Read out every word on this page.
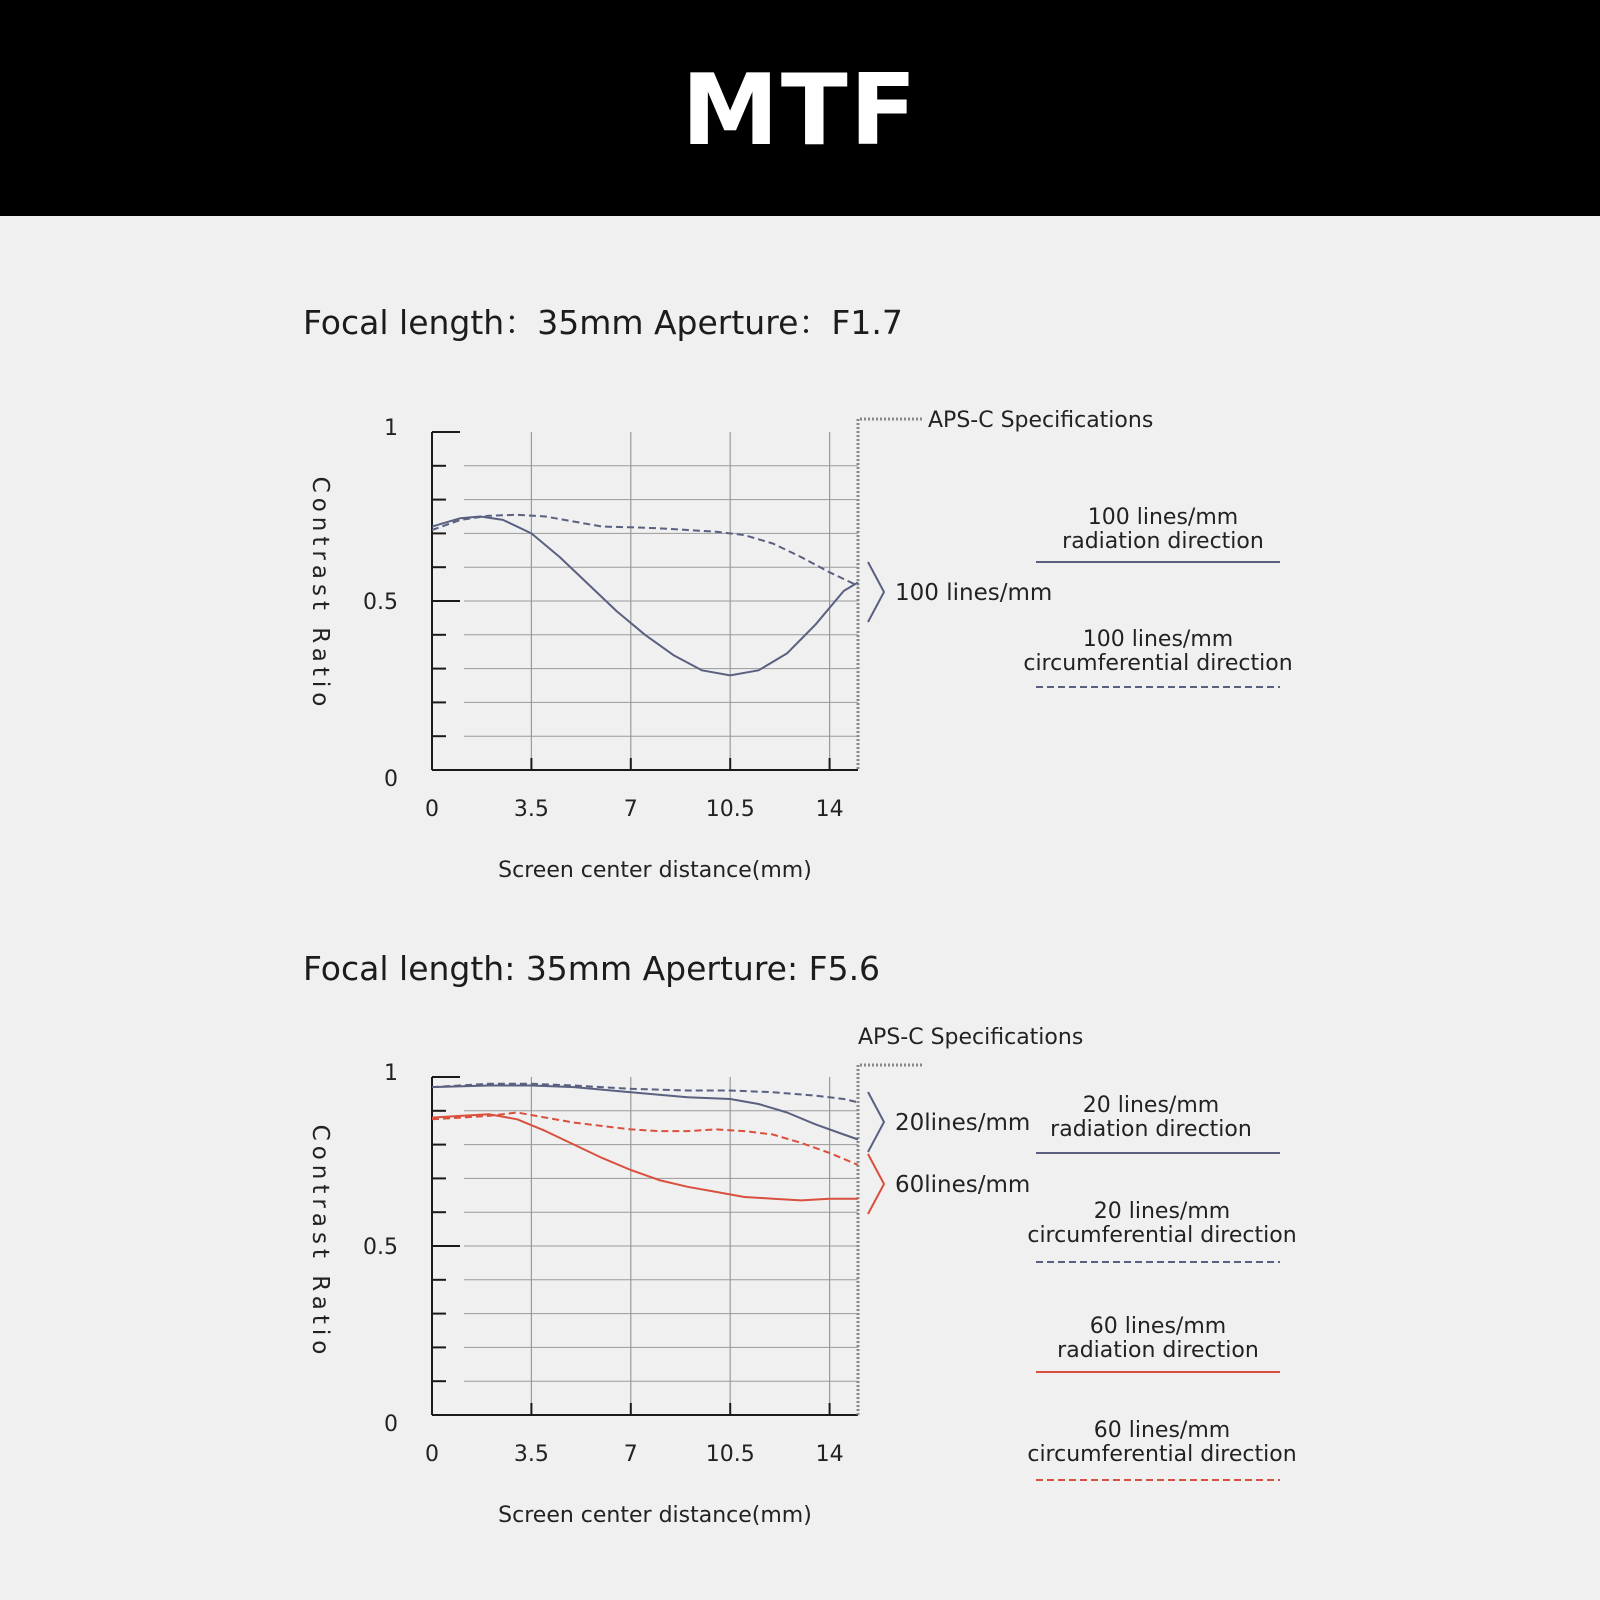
MTF
Focal length：35mm Aperture：F1.7
Focal length: 35mm Aperture: F5.6
0
0.5
1
0	3.5	7	10.5	14
Screen center distance(mm)
Contrast Ratio
APS-C Specifications
100 lines/mm
100 lines/mm
radiation direction
100 lines/mm
circumferential direction
0
0.5
1
0	3.5	7	10.5	14
Screen center distance(mm)
Contrast Ratio
APS-C Specifications
20lines/mm
60lines/mm
20 lines/mm
radiation direction
20 lines/mm
circumferential direction
60 lines/mm
radiation direction
60 lines/mm
circumferential direction
